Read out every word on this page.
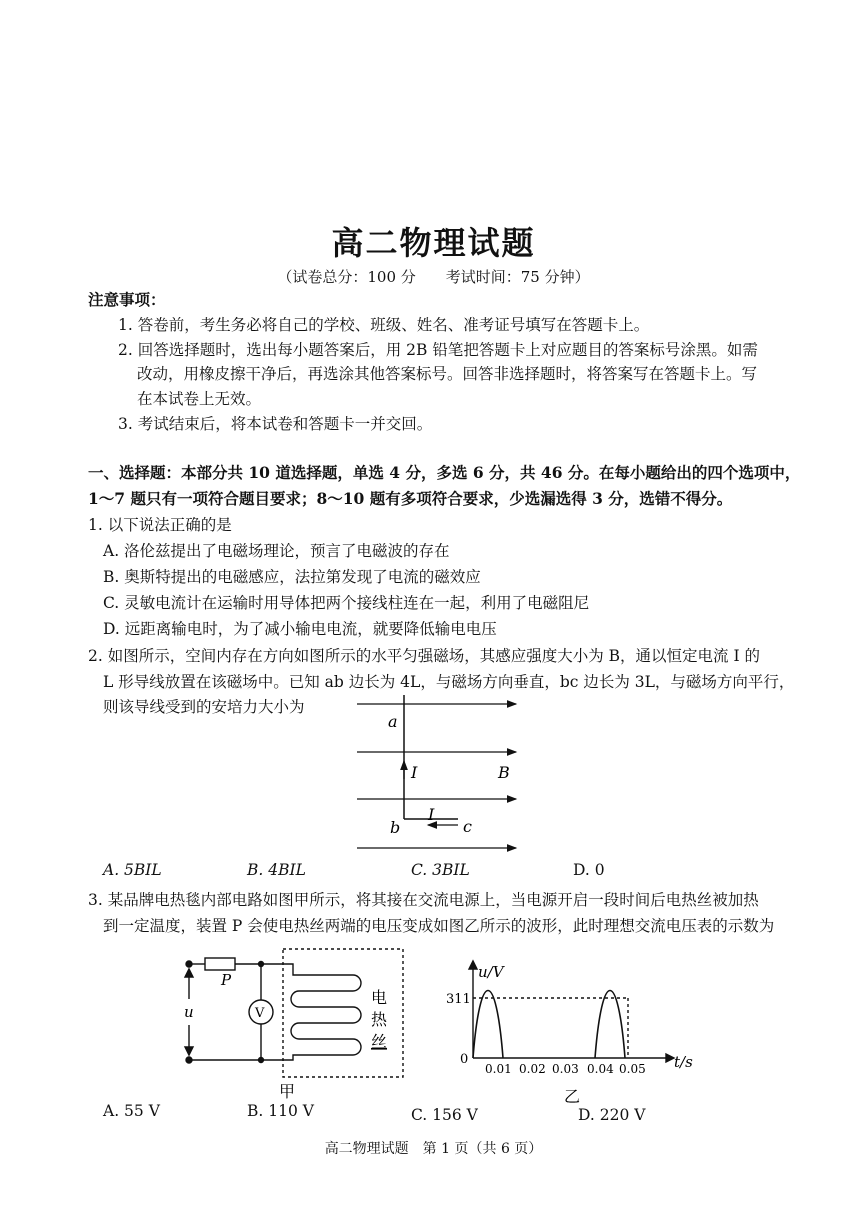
高二物理试题
（试卷总分：100 分　　考试时间：75 分钟）
注意事项：
1. 答卷前，考生务必将自己的学校、班级、姓名、准考证号填写在答题卡上。
2. 回答选择题时，选出每小题答案后，用 2B 铅笔把答题卡上对应题目的答案标号涂黑。如需
改动，用橡皮擦干净后，再选涂其他答案标号。回答非选择题时，将答案写在答题卡上。写
在本试卷上无效。
3. 考试结束后，将本试卷和答题卡一并交回。
一、选择题：本部分共 10 道选择题，单选 4 分，多选 6 分，共 46 分。在每小题给出的四个选项中，
1～7 题只有一项符合题目要求；8～10 题有多项符合要求，少选漏选得 3 分，选错不得分。
1. 以下说法正确的是
A. 洛伦兹提出了电磁场理论，预言了电磁波的存在
B. 奥斯特提出的电磁感应，法拉第发现了电流的磁效应
C. 灵敏电流计在运输时用导体把两个接线柱连在一起，利用了电磁阻尼
D. 远距离输电时，为了减小输电电流，就要降低输电电压
2. 如图所示，空间内存在方向如图所示的水平匀强磁场，其感应强度大小为 B，通以恒定电流 I 的
L 形导线放置在该磁场中。已知 ab 边长为 4L，与磁场方向垂直，bc 边长为 3L，与磁场方向平行，
则该导线受到的安培力大小为
a
I	B
I
b	c
A. 5BIL	B. 4BIL	C. 3BIL	D. 0
3. 某品牌电热毯内部电路如图甲所示，将其接在交流电源上，当电源开启一段时间后电热丝被加热
到一定温度，装置 P 会使电热丝两端的电压变成如图乙所示的波形，此时理想交流电压表的示数为
P
V
u
电
热
丝
甲
u/V
t/s
311
0
0.01 0.02 0.03 0.04 0.05
乙
A. 55 V	B. 110 V	C. 156 V	D. 220 V
高二物理试题　第 1 页（共 6 页）
